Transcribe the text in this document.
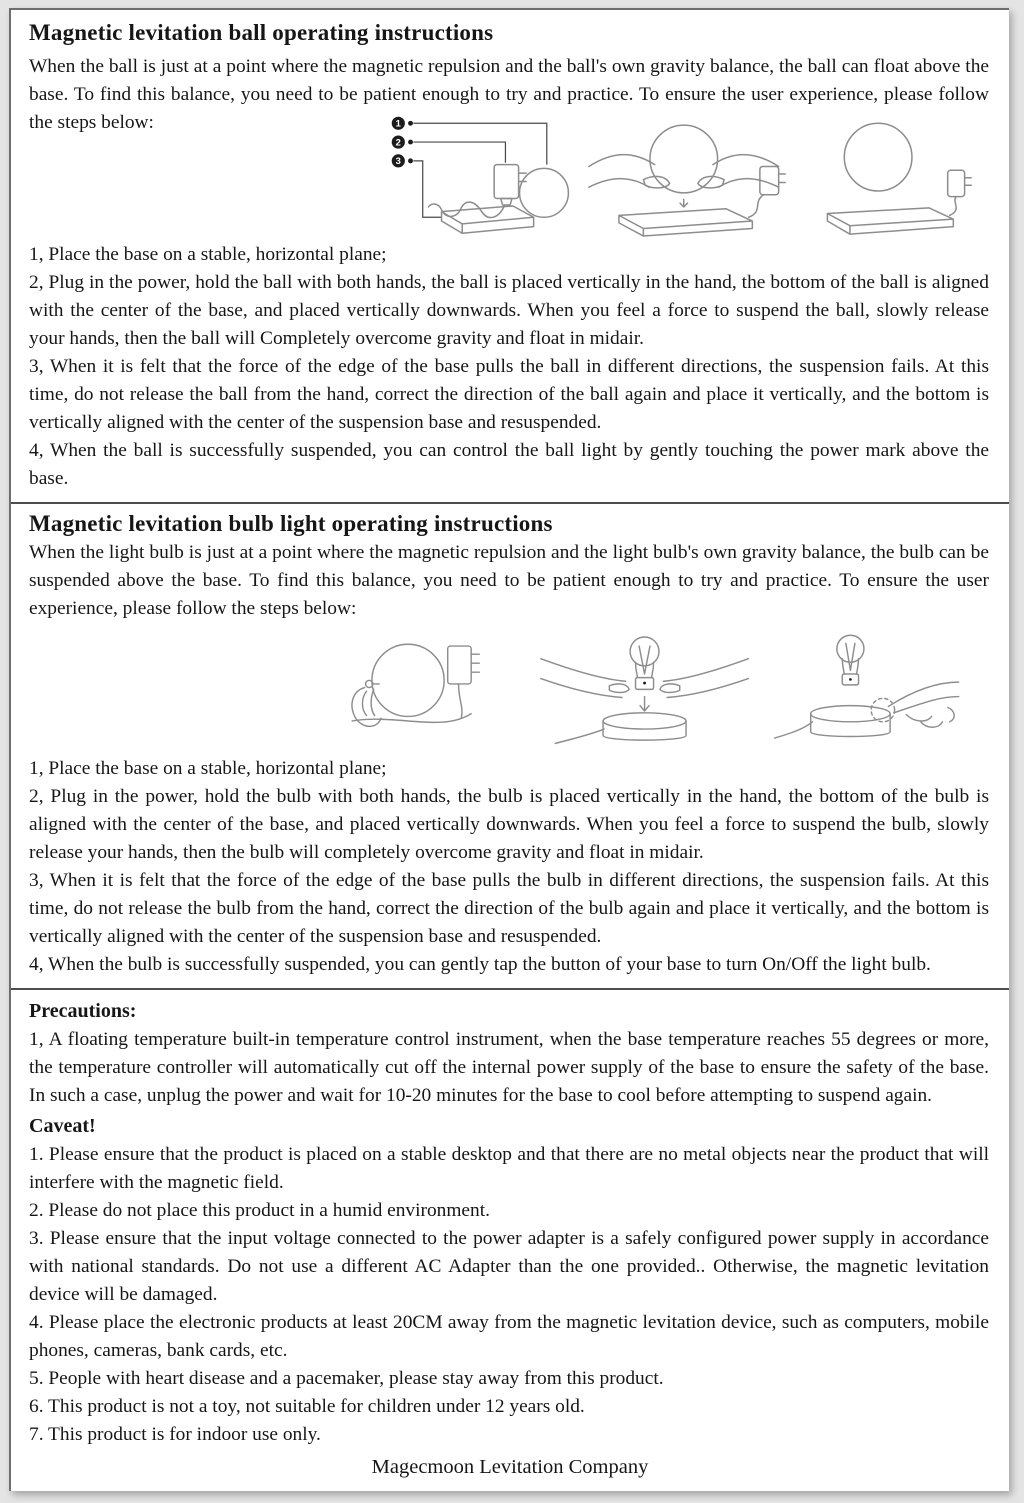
Magnetic levitation ball operating instructions

When the ball is just at a point where the magnetic repulsion and the ball's own gravity balance, the ball can float above the base. To find this balance, you need to be patient enough to try and practice. To ensure the user experience, please follow the steps below:	1
2
3

1, Place the base on a stable, horizontal plane;

2, Plug in the power, hold the ball with both hands, the ball is placed vertically in the hand, the bottom of the ball is aligned with the center of the base, and placed vertically downwards. When you feel a force to suspend the ball, slowly release your hands, then the ball will Completely overcome gravity and float in midair.

3, When it is felt that the force of the edge of the base pulls the ball in different directions, the suspension fails. At this time, do not release the ball from the hand, correct the direction of the ball again and place it vertically, and the bottom is vertically aligned with the center of the suspension base and resuspended.

4, When the ball is successfully suspended, you can control the ball light by gently touching the power mark above the base.

Magnetic levitation bulb light operating instructions

When the light bulb is just at a point where the magnetic repulsion and the light bulb's own gravity balance, the bulb can be suspended above the base. To find this balance, you need to be patient enough to try and practice. To ensure the user experience, please follow the steps below:

1, Place the base on a stable, horizontal plane;

2, Plug in the power, hold the bulb with both hands, the bulb is placed vertically in the hand, the bottom of the bulb is aligned with the center of the base, and placed vertically downwards. When you feel a force to suspend the bulb, slowly release your hands, then the bulb will completely overcome gravity and float in midair.

3, When it is felt that the force of the edge of the base pulls the bulb in different directions, the suspension fails. At this time, do not release the bulb from the hand, correct the direction of the bulb again and place it vertically, and the bottom is vertically aligned with the center of the suspension base and resuspended.

4, When the bulb is successfully suspended, you can gently tap the button of your base to turn On/Off the light bulb.

Precautions:

1, A floating temperature built-in temperature control instrument, when the base temperature reaches 55 degrees or more, the temperature controller will automatically cut off the internal power supply of the base to ensure the safety of the base. In such a case, unplug the power and wait for 10-20 minutes for the base to cool before attempting to suspend again.

Caveat!

1. Please ensure that the product is placed on a stable desktop and that there are no metal objects near the product that will interfere with the magnetic field.

2. Please do not place this product in a humid environment.

3. Please ensure that the input voltage connected to the power adapter is a safely configured power supply in accordance with national standards. Do not use a different AC Adapter than the one provided.. Otherwise, the magnetic levitation device will be damaged.

4. Please place the electronic products at least 20CM away from the magnetic levitation device, such as computers, mobile phones, cameras, bank cards, etc.

5. People with heart disease and a pacemaker, please stay away from this product.

6. This product is not a toy, not suitable for children under 12 years old.

7. This product is for indoor use only.

Magecmoon Levitation Company
